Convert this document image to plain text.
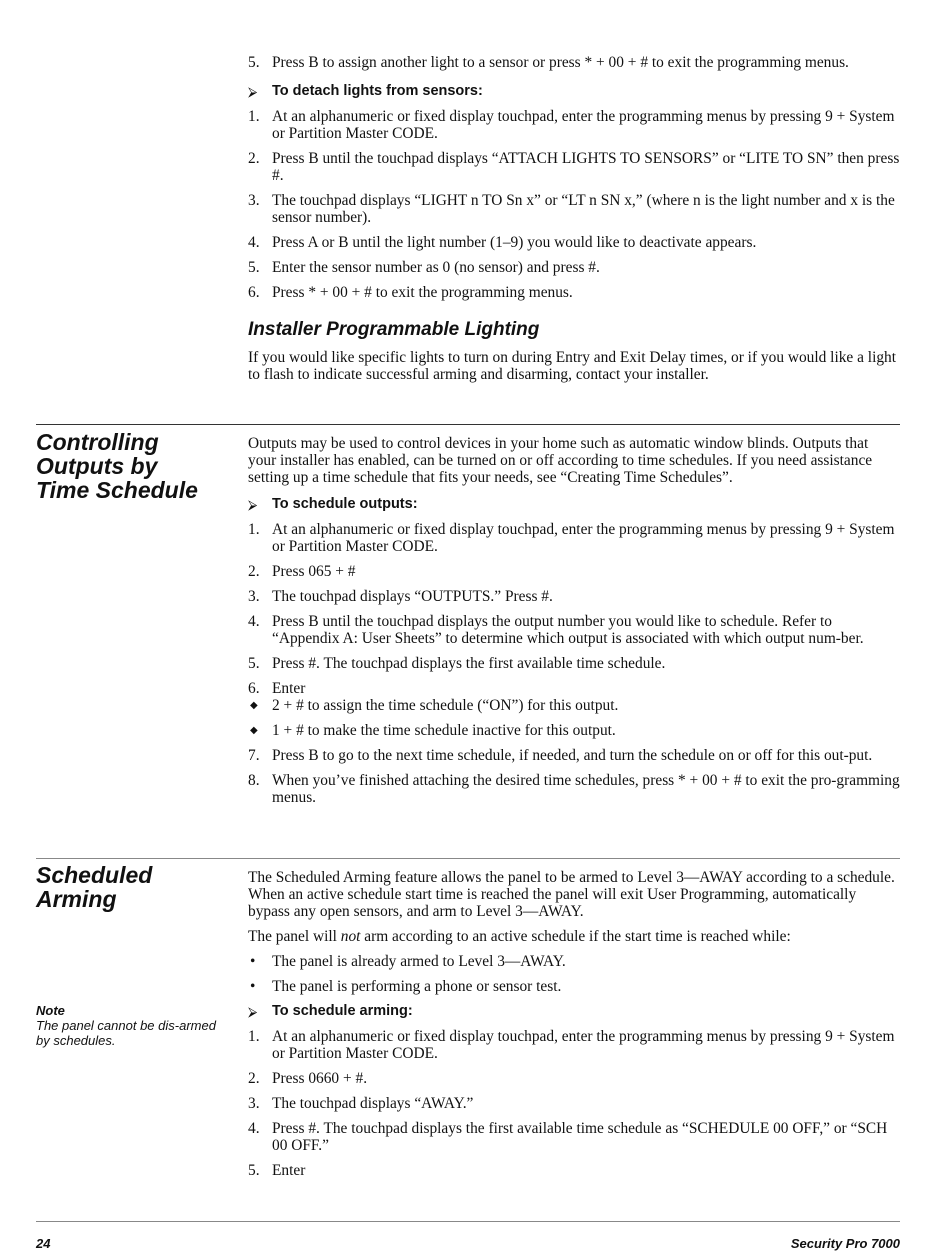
5. Press B to assign another light to a sensor or press * + 00 + # to exit the programming menus.
⮚ To detach lights from sensors:
1. At an alphanumeric or fixed display touchpad, enter the programming menus by pressing 9 + System or Partition Master CODE.
2. Press B until the touchpad displays “ATTACH LIGHTS TO SENSORS” or “LITE TO SN” then press #.
3. The touchpad displays “LIGHT n TO Sn x” or “LT n SN x,” (where n is the light number and x is the sensor number).
4. Press A or B until the light number (1–9) you would like to deactivate appears.
5. Enter the sensor number as 0 (no sensor) and press #.
6. Press * + 00 + # to exit the programming menus.
Installer Programmable Lighting

If you would like specific lights to turn on during Entry and Exit Delay times, or if you would like a light to flash to indicate successful arming and disarming, contact your installer.

Controlling
Outputs by
Time Schedule

Outputs may be used to control devices in your home such as automatic window blinds. Outputs that your installer has enabled, can be turned on or off according to time schedules. If you need assistance setting up a time schedule that fits your needs, see “Creating Time Schedules”.

⮚ To schedule outputs:
1. At an alphanumeric or fixed display touchpad, enter the programming menus by pressing 9 + System or Partition Master CODE.
2. Press 065 + #
3. The touchpad displays “OUTPUTS.” Press #.
4. Press B until the touchpad displays the output number you would like to schedule. Refer to “Appendix A: User Sheets” to determine which output is associated with which output num-ber.
5. Press #. The touchpad displays the first available time schedule.
6. Enter
◆ 2 + # to assign the time schedule (“ON”) for this output.
◆ 1 + # to make the time schedule inactive for this output.
7. Press B to go to the next time schedule, if needed, and turn the schedule on or off for this out-put.
8. When you’ve finished attaching the desired time schedules, press * + 00 + # to exit the pro-gramming menus.
Scheduled
Arming
Note
The panel cannot be dis-armed by schedules.

The Scheduled Arming feature allows the panel to be armed to Level 3—AWAY according to a schedule. When an active schedule start time is reached the panel will exit User Programming, automatically bypass any open sensors, and arm to Level 3—AWAY.

The panel will not arm according to an active schedule if the start time is reached while:

• The panel is already armed to Level 3—AWAY.
• The panel is performing a phone or sensor test.
⮚ To schedule arming:
1. At an alphanumeric or fixed display touchpad, enter the programming menus by pressing 9 + System or Partition Master CODE.
2. Press 0660 + #.
3. The touchpad displays “AWAY.”
4. Press #. The touchpad displays the first available time schedule as “SCHEDULE 00 OFF,” or “SCH 00 OFF.”
5. Enter
24	Security Pro 7000
